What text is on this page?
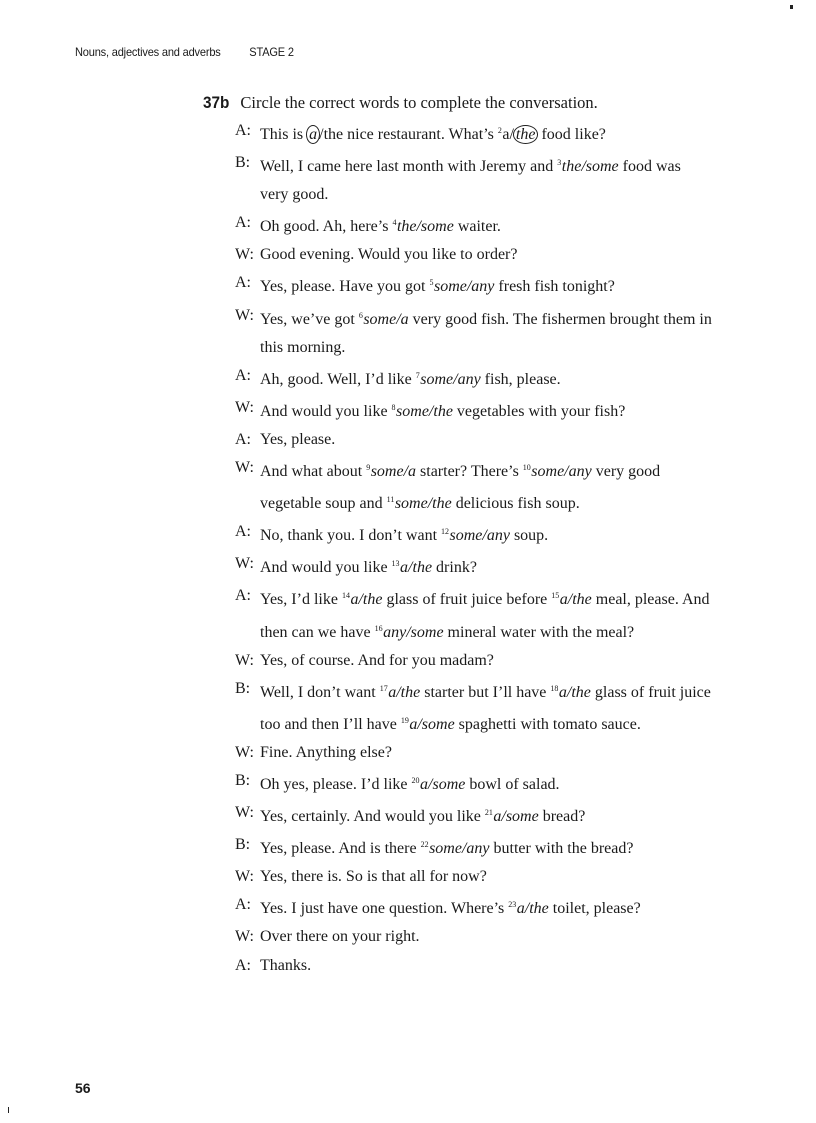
Nouns, adjectives and adverbs STAGE 2
37b Circle the correct words to complete the conversation.
A: This is a /the nice restaurant. What’s $^2$a/ the food like?
B: Well, I came here last month with Jeremy and $^3$the/some food was
very good.
A: Oh good. Ah, here’s $^4$the/some waiter.
W: Good evening. Would you like to order?
A: Yes, please. Have you got $^5$some/any fresh fish tonight?
W: Yes, we’ve got $^6$some/a very good fish. The fishermen brought them in
this morning.
A: Ah, good. Well, I’d like $^7$some/any fish, please.
W: And would you like $^8$some/the vegetables with your fish?
A: Yes, please.
W: And what about $^9$some/a starter? There’s $^{10}$some/any very good
vegetable soup and $^{11}$some/the delicious fish soup.
A: No, thank you. I don’t want $^{12}$some/any soup.
W: And would you like $^{13}$a/the drink?
A: Yes, I’d like $^{14}$a/the glass of fruit juice before $^{15}$a/the meal, please. And
then can we have $^{16}$any/some mineral water with the meal?
W: Yes, of course. And for you madam?
B: Well, I don’t want $^{17}$a/the starter but I’ll have $^{18}$a/the glass of fruit juice
too and then I’ll have $^{19}$a/some spaghetti with tomato sauce.
W: Fine. Anything else?
B: Oh yes, please. I’d like $^{20}$a/some bowl of salad.
W: Yes, certainly. And would you like $^{21}$a/some bread?
B: Yes, please. And is there $^{22}$some/any butter with the bread?
W: Yes, there is. So is that all for now?
A: Yes. I just have one question. Where’s $^{23}$a/the toilet, please?
W: Over there on your right.
A: Thanks.
56
